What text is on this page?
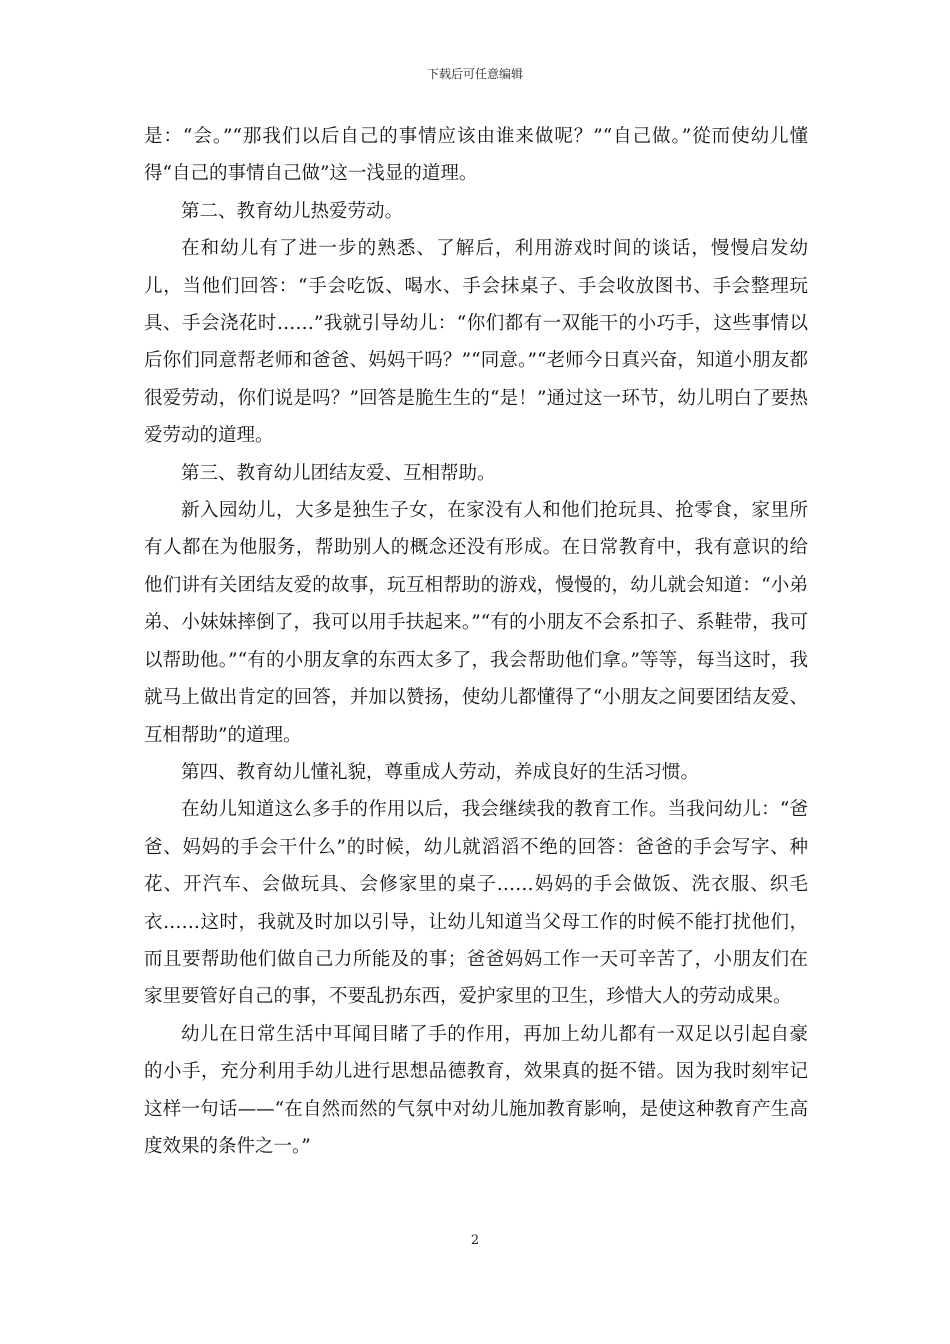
下载后可任意编辑

是：“会。”“那我们以后自己的事情应该由谁来做呢？”“自己做。”從而使幼儿懂得“自己的事情自己做”这一浅显的道理。

第二、教育幼儿热爱劳动。

在和幼儿有了进一步的熟悉、了解后，利用游戏时间的谈话，慢慢启发幼儿，当他们回答：“手会吃饭、喝水、手会抹桌子、手会收放图书、手会整理玩具、手会浇花时……”我就引导幼儿：“你们都有一双能干的小巧手，这些事情以后你们同意帮老师和爸爸、妈妈干吗？”“同意。”“老师今日真兴奋，知道小朋友都很爱劳动，你们说是吗？”回答是脆生生的“是！”通过这一环节，幼儿明白了要热爱劳动的道理。

第三、教育幼儿团结友爱、互相帮助。

新入园幼儿，大多是独生子女，在家没有人和他们抢玩具、抢零食，家里所有人都在为他服务，帮助别人的概念还没有形成。在日常教育中，我有意识的给他们讲有关团结友爱的故事，玩互相帮助的游戏，慢慢的，幼儿就会知道：“小弟弟、小妹妹摔倒了，我可以用手扶起来。”“有的小朋友不会系扣子、系鞋带，我可以帮助他。”“有的小朋友拿的东西太多了，我会帮助他们拿。”等等，每当这时，我就马上做出肯定的回答，并加以赞扬，使幼儿都懂得了“小朋友之间要团结友爱、互相帮助”的道理。

第四、教育幼儿懂礼貌，尊重成人劳动，养成良好的生活习惯。

在幼儿知道这么多手的作用以后，我会继续我的教育工作。当我问幼儿：“爸爸、妈妈的手会干什么”的时候，幼儿就滔滔不绝的回答：爸爸的手会写字、种花、开汽车、会做玩具、会修家里的桌子……妈妈的手会做饭、洗衣服、织毛衣……这时，我就及时加以引导，让幼儿知道当父母工作的时候不能打扰他们，而且要帮助他们做自己力所能及的事；爸爸妈妈工作一天可辛苦了，小朋友们在家里要管好自己的事，不要乱扔东西，爱护家里的卫生，珍惜大人的劳动成果。

幼儿在日常生活中耳闻目睹了手的作用，再加上幼儿都有一双足以引起自豪的小手，充分利用手幼儿进行思想品德教育，效果真的挺不错。因为我时刻牢记这样一句话——“在自然而然的气氛中对幼儿施加教育影响，是使这种教育产生高度效果的条件之一。”

2
